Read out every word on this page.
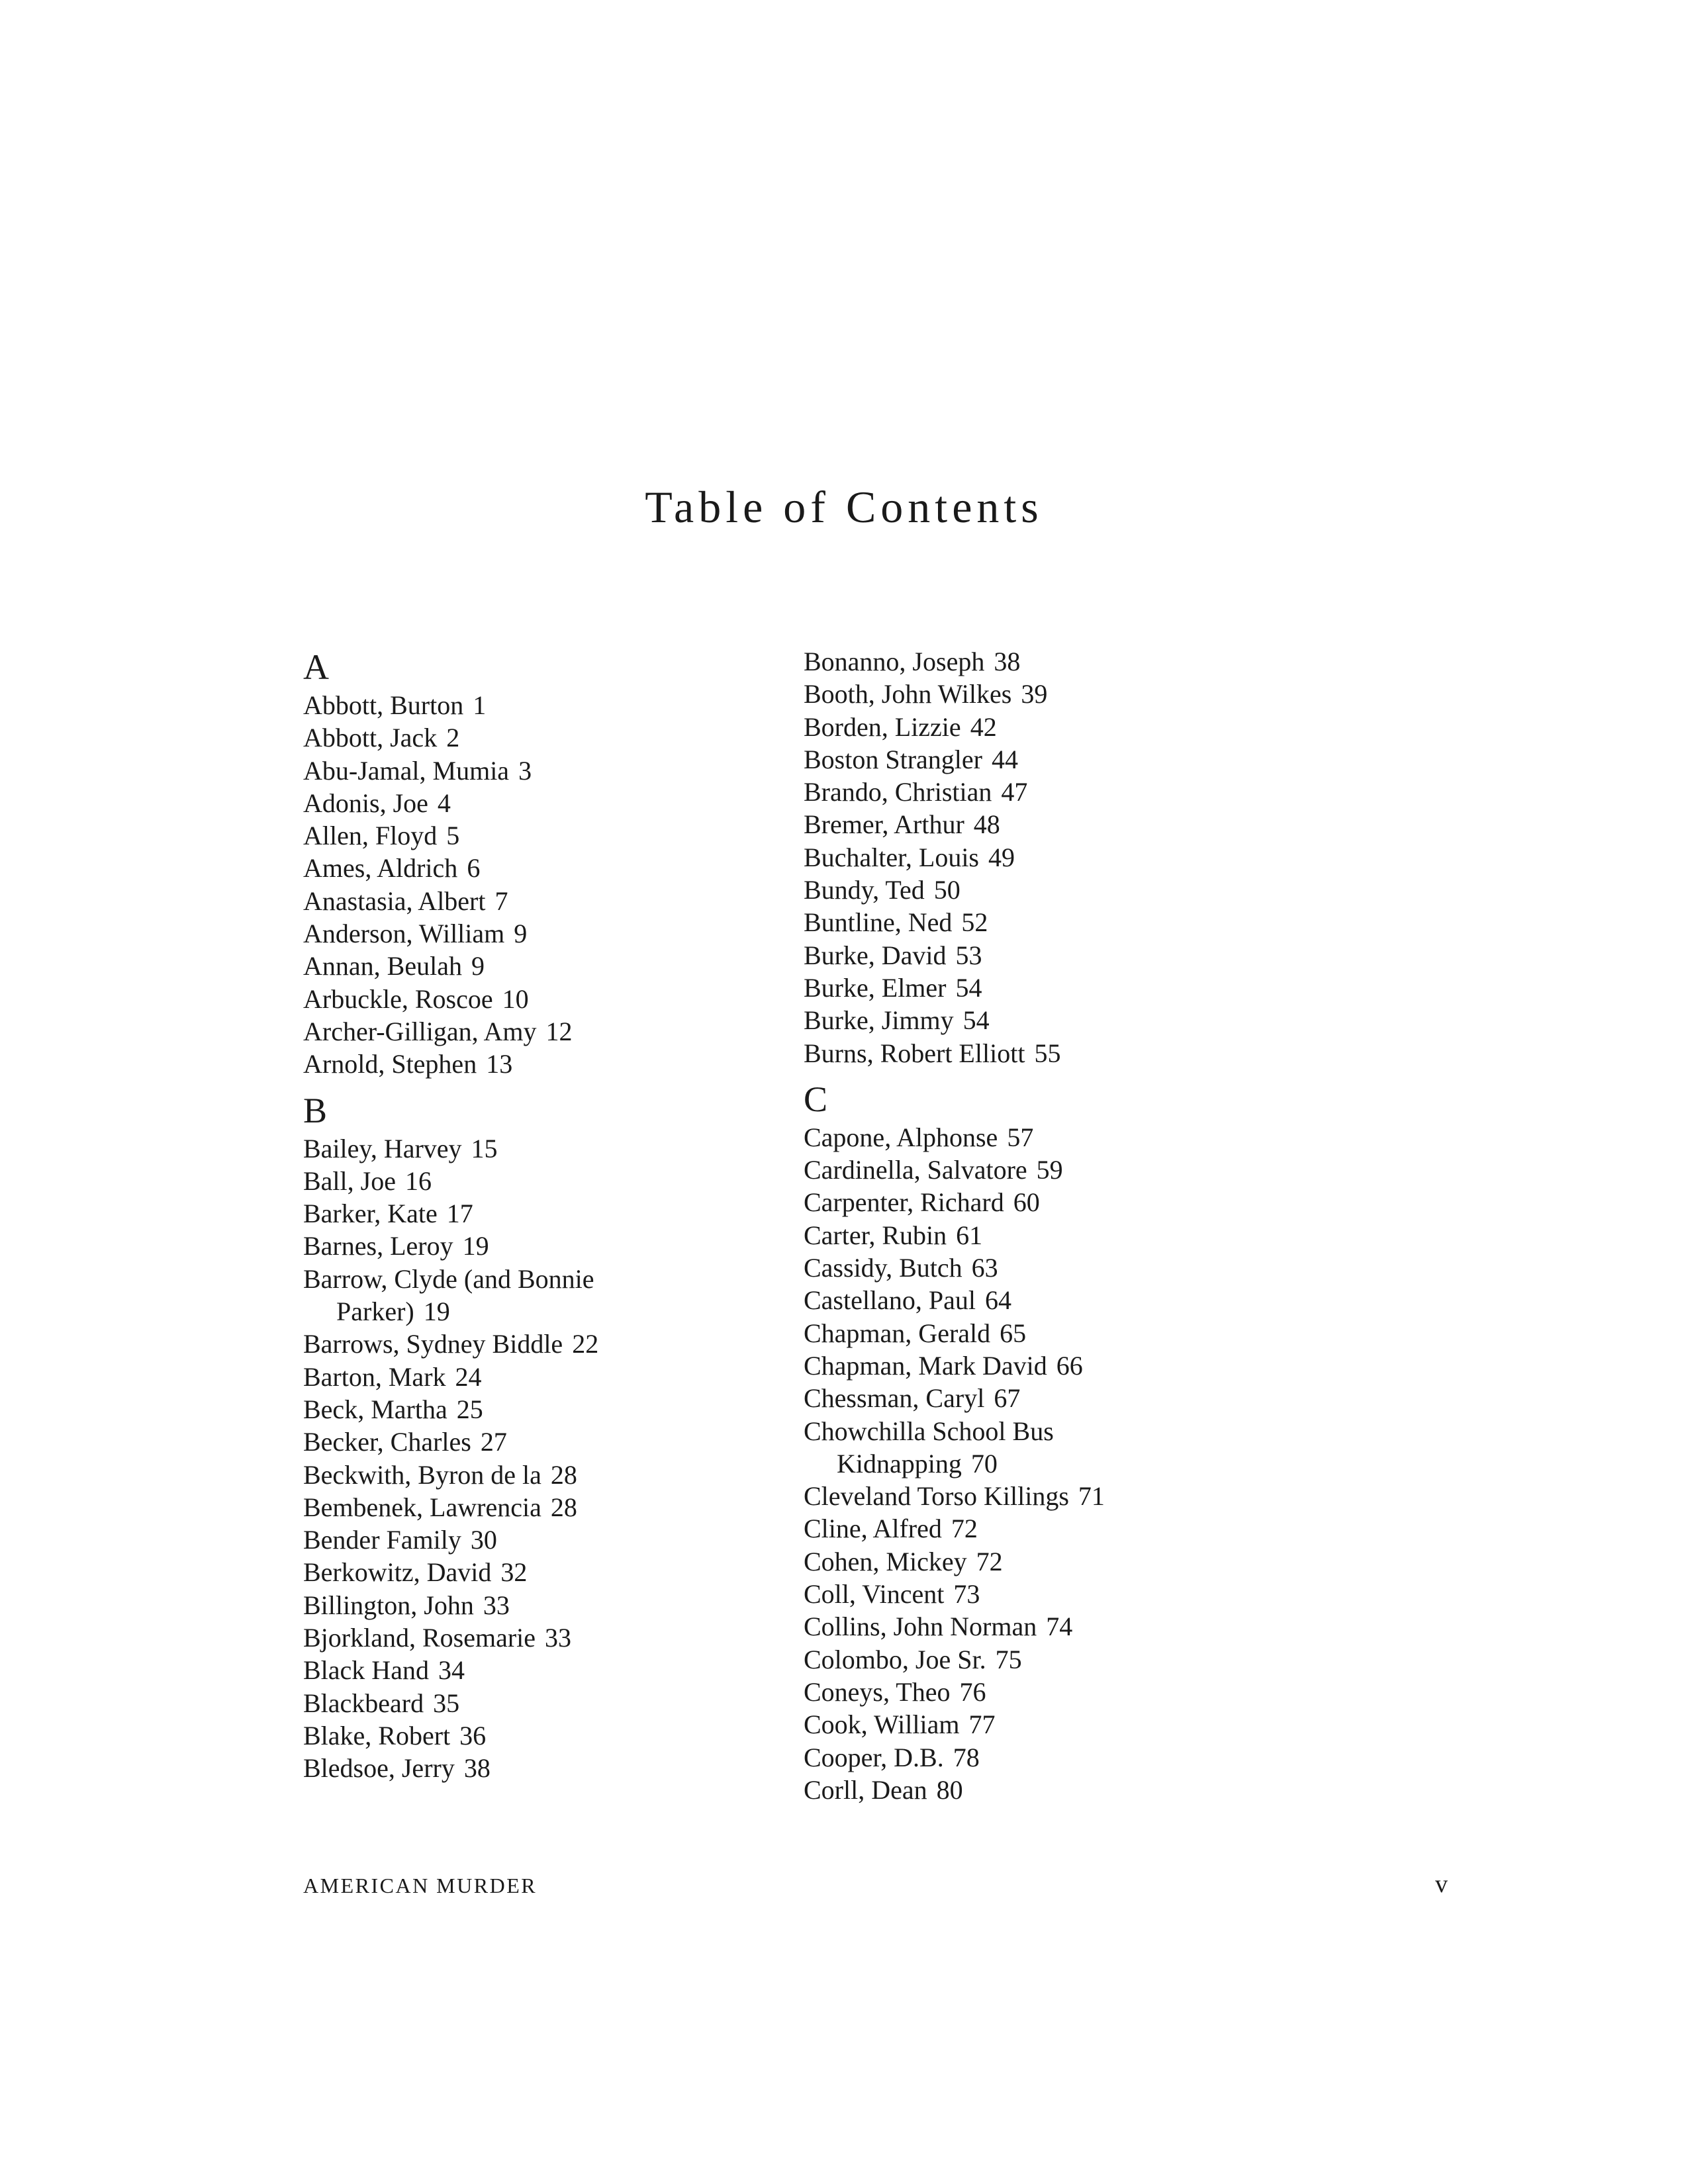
Table of Contents
A
Abbott, Burton 1
Abbott, Jack 2
Abu-Jamal, Mumia 3
Adonis, Joe 4
Allen, Floyd 5
Ames, Aldrich 6
Anastasia, Albert 7
Anderson, William 9
Annan, Beulah 9
Arbuckle, Roscoe 10
Archer-Gilligan, Amy 12
Arnold, Stephen 13
B
Bailey, Harvey 15
Ball, Joe 16
Barker, Kate 17
Barnes, Leroy 19
Barrow, Clyde (and Bonnie Parker) 19
Barrows, Sydney Biddle 22
Barton, Mark 24
Beck, Martha 25
Becker, Charles 27
Beckwith, Byron de la 28
Bembenek, Lawrencia 28
Bender Family 30
Berkowitz, David 32
Billington, John 33
Bjorkland, Rosemarie 33
Black Hand 34
Blackbeard 35
Blake, Robert 36
Bledsoe, Jerry 38
Bonanno, Joseph 38
Booth, John Wilkes 39
Borden, Lizzie 42
Boston Strangler 44
Brando, Christian 47
Bremer, Arthur 48
Buchalter, Louis 49
Bundy, Ted 50
Buntline, Ned 52
Burke, David 53
Burke, Elmer 54
Burke, Jimmy 54
Burns, Robert Elliott 55
C
Capone, Alphonse 57
Cardinella, Salvatore 59
Carpenter, Richard 60
Carter, Rubin 61
Cassidy, Butch 63
Castellano, Paul 64
Chapman, Gerald 65
Chapman, Mark David 66
Chessman, Caryl 67
Chowchilla School Bus Kidnapping 70
Cleveland Torso Killings 71
Cline, Alfred 72
Cohen, Mickey 72
Coll, Vincent 73
Collins, John Norman 74
Colombo, Joe Sr. 75
Coneys, Theo 76
Cook, William 77
Cooper, D.B. 78
Corll, Dean 80
AMERICAN MURDER	v
